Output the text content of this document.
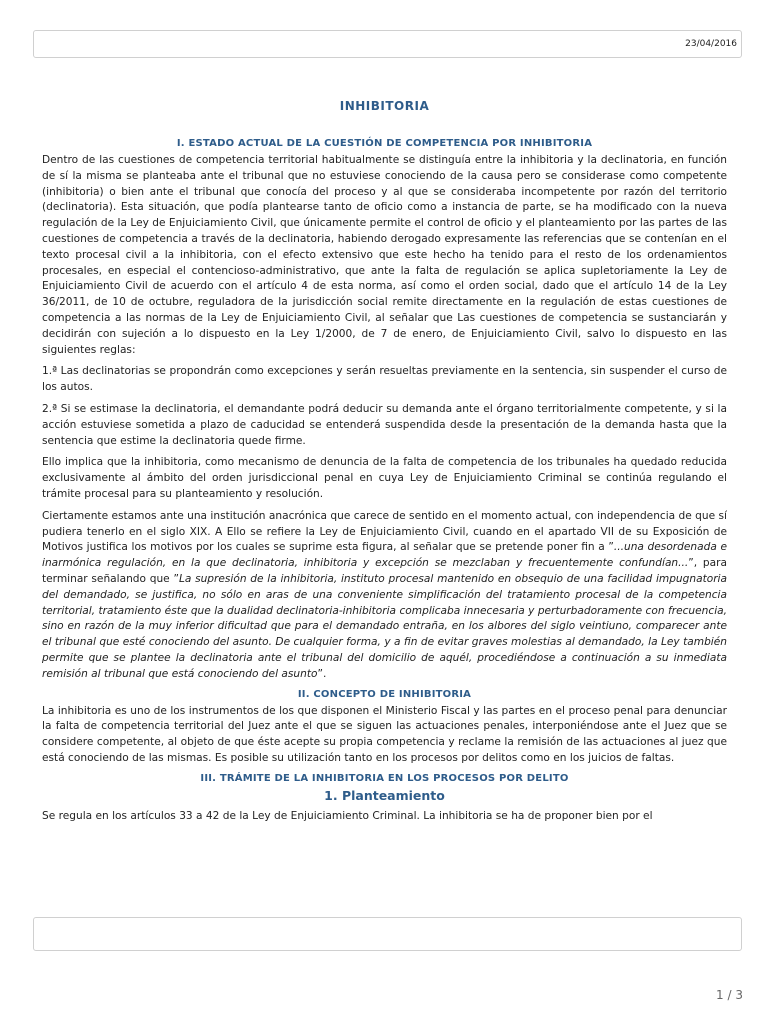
23/04/2016
INHIBITORIA
I. ESTADO ACTUAL DE LA CUESTIÓN DE COMPETENCIA POR INHIBITORIA

Dentro de las cuestiones de competencia territorial habitualmente se distinguía entre la inhibitoria y la declinatoria, en función de sí la misma se planteaba ante el tribunal que no estuviese conociendo de la causa pero se considerase como competente (inhibitoria) o bien ante el tribunal que conocía del proceso y al que se consideraba incompetente por razón del territorio (declinatoria). Esta situación, que podía plantearse tanto de oficio como a instancia de parte, se ha modificado con la nueva regulación de la Ley de Enjuiciamiento Civil, que únicamente permite el control de oficio y el planteamiento por las partes de las cuestiones de competencia a través de la declinatoria, habiendo derogado expresamente las referencias que se contenían en el texto procesal civil a la inhibitoria, con el efecto extensivo que este hecho ha tenido para el resto de los ordenamientos procesales, en especial el contencioso-administrativo, que ante la falta de regulación se aplica supletoriamente la Ley de Enjuiciamiento Civil de acuerdo con el artículo 4 de esta norma, así como el orden social, dado que el artículo 14 de la Ley 36/2011, de 10 de octubre, reguladora de la jurisdicción social remite directamente en la regulación de estas cuestiones de competencia a las normas de la Ley de Enjuiciamiento Civil, al señalar que Las cuestiones de competencia se sustanciarán y decidirán con sujeción a lo dispuesto en la Ley 1/2000, de 7 de enero, de Enjuiciamiento Civil, salvo lo dispuesto en las siguientes reglas:

1.ª Las declinatorias se propondrán como excepciones y serán resueltas previamente en la sentencia, sin suspender el curso de los autos.

2.ª Si se estimase la declinatoria, el demandante podrá deducir su demanda ante el órgano territorialmente competente, y si la acción estuviese sometida a plazo de caducidad se entenderá suspendida desde la presentación de la demanda hasta que la sentencia que estime la declinatoria quede firme.

Ello implica que la inhibitoria, como mecanismo de denuncia de la falta de competencia de los tribunales ha quedado reducida exclusivamente al ámbito del orden jurisdiccional penal en cuya Ley de Enjuiciamiento Criminal se continúa regulando el trámite procesal para su planteamiento y resolución.

Ciertamente estamos ante una institución anacrónica que carece de sentido en el momento actual, con independencia de que sí pudiera tenerlo en el siglo XIX. A Ello se refiere la Ley de Enjuiciamiento Civil, cuando en el apartado VII de su Exposición de Motivos justifica los motivos por los cuales se suprime esta figura, al señalar que se pretende poner fin a ”...una desordenada e inarmónica regulación, en la que declinatoria, inhibitoria y excepción se mezclaban y frecuentemente confundían...”, para terminar señalando que ”La supresión de la inhibitoria, instituto procesal mantenido en obsequio de una facilidad impugnatoria del demandado, se justifica, no sólo en aras de una conveniente simplificación del tratamiento procesal de la competencia territorial, tratamiento éste que la dualidad declinatoria-inhibitoria complicaba innecesaria y perturbadoramente con frecuencia, sino en razón de la muy inferior dificultad que para el demandado entraña, en los albores del siglo veintiuno, comparecer ante el tribunal que esté conociendo del asunto. De cualquier forma, y a fin de evitar graves molestias al demandado, la Ley también permite que se plantee la declinatoria ante el tribunal del domicilio de aquél, procediéndose a continuación a su inmediata remisión al tribunal que está conociendo del asunto”.

II. CONCEPTO DE INHIBITORIA

La inhibitoria es uno de los instrumentos de los que disponen el Ministerio Fiscal y las partes en el proceso penal para denunciar la falta de competencia territorial del Juez ante el que se siguen las actuaciones penales, interponiéndose ante el Juez que se considere competente, al objeto de que éste acepte su propia competencia y reclame la remisión de las actuaciones al juez que está conociendo de las mismas. Es posible su utilización tanto en los procesos por delitos como en los juicios de faltas.

III. TRÁMITE DE LA INHIBITORIA EN LOS PROCESOS POR DELITO
1. Planteamiento

Se regula en los artículos 33 a 42 de la Ley de Enjuiciamiento Criminal. La inhibitoria se ha de proponer bien por el

1 / 3
